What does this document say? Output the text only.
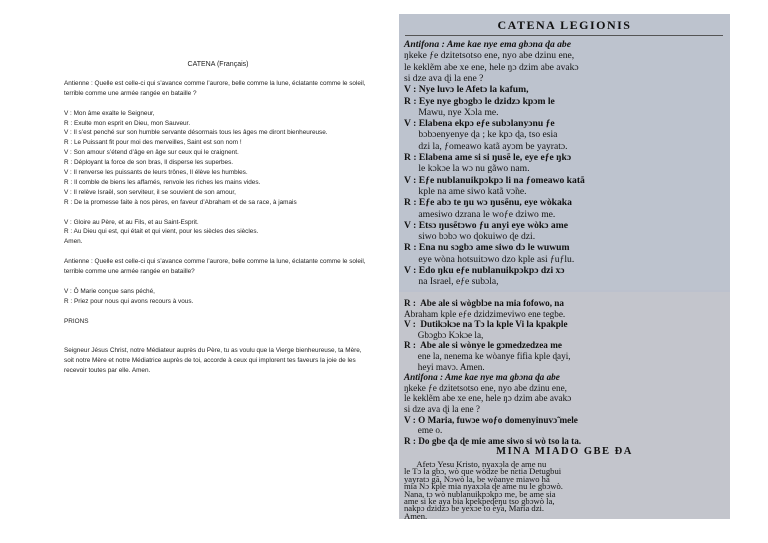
CATENA (Français)

Antienne : Quelle est celle-ci qui s’avance comme l’aurore, belle comme la lune, éclatante comme le soleil, terrible comme une armée rangée en bataille ?

V : Mon âme exalte le Seigneur,

R : Exulte mon esprit en Dieu, mon Sauveur.

V : Il s’est penché sur son humble servante désormais tous les âges me diront bienheureuse.

R : Le Puissant fit pour moi des merveilles, Saint est son nom !

V : Son amour s’étend d’âge en âge sur ceux qui le craignent.

R : Déployant la force de son bras, Il disperse les superbes.

V : Il renverse les puissants de leurs trônes, Il élève les humbles.

R : Il comble de biens les affamés, renvoie les riches les mains vides.

V : Il relève Israël, son serviteur, il se souvient de son amour,

R : De la promesse faite à nos pères, en faveur d’Abraham et de sa race, à jamais

V : Gloire au Père, et au Fils, et au Saint-Esprit.

R : Au Dieu qui est, qui était et qui vient, pour les siècles des siècles.

Amen.

Antienne : Quelle est celle-ci qui s’avance comme l’aurore, belle comme la lune, éclatante comme le soleil, terrible comme une armée rangée en bataille?

V : Ô Marie conçue sans péché,

R : Priez pour nous qui avons recours à vous.

PRIONS

Seigneur Jésus Christ, notre Médiateur auprès du Père, tu as voulu que la Vierge bienheureuse, ta Mère, soit notre Mère et notre Médiatrice auprès de toi, accorde à ceux qui implorent tes faveurs la joie de les recevoir toutes par elle. Amen.

CATENA LEGIONIS
Antifona : Ame kae nye ema gbɔna ɖa abe
ŋkeke ƒe dzitetsotso ene, nyo abe dzinu ene,
le keklẽm abe xe ene, hele ŋɔ dzim abe avakɔ
si dze ava ɖi la ene ?
V : Nye luvɔ le Afetɔ la kafum,
R : Eye nye gbɔgbɔ le dzidzɔ kpɔm le
Mawu, nye Xɔla me.
V : Elabena ekpɔ eƒe subɔlanyɔnu ƒe
bɔbɔenyenye ɖa ; ke kpɔ ɖa, tso esia
dzi la, ƒomeawo katã ayɔm be yayratɔ.
R : Elabena ame si si ŋusẽ le, eye eƒe ŋkɔ
le kɔkɔe la wɔ nu gãwo nam.
V : Eƒe nublanuikpɔkpɔ li na ƒomeawo katã
kple na ame siwo katã vɔ̃ne.
R : Eƒe abɔ te ŋu wɔ ŋusẽnu, eye wòkaka
amesiwo dzrana le woƒe dziwo me.
V : Etsɔ ŋusẽtɔwo ƒu anyi eye wòkɔ ame
siwo bɔbɔ wo ɖokuiwo ɖe dzi.
R : Ena nu sɔgbɔ ame siwo dɔ le wuwum
eye wòna hotsuitɔwo dzo kple asi ƒuƒlu.
V : Edo ŋku eƒe nublanuikpɔkpɔ dzi xɔ
na Israel, eƒe subɔla,
R :  Abe ale si wògblɔe na mia fofowo, na
Abraham kple eƒe dzidzimeviwo ene tegbe.
V :  Dutikɔkɔe na Tɔ la kple Vi la kpakple
Gbɔgbɔ Kɔkɔe la,
R :  Abe ale si wònye le gɔmedzedzea me
ene la, nenema ke wòanye fifia kple ɖayi,
heyi mavɔ. Amen.
Antifona : Ame kae nye ma gbɔna ɖa abe
ŋkeke ƒe dzitetsotso ene, nyo abe dzinu ene,
le keklẽm abe xe ene, hele ŋɔ dzim abe avakɔ
si dze ava ɖi la ene ?
V : O Maria, fuwɔe woƒo domenyinuvɔ̃ mele
eme o.
R : Do gbe ɖa ɖe mie ame siwo si wò tso la ta.
MINA MIADO GBE ƉA
Afetɔ Yesu Kristo, nyaxɔla ɖe ame nu
le Tɔ la gbɔ, wò que wòdze be nɛtia Detugbui
yayratɔ gã, Nɔwò la, be wòanye miawo hã
mia Nɔ kple mia nyaxɔla ɖe ame nu le gbɔwò.
Nana, tɔ wò nublanuikpɔkpɔ me, be ame sia
ame si ke aya bia kpekpeɖeŋu tso gbɔwò la,
nakpɔ dzidzɔ be yexɔe to eya, Maria dzi.
Amen.
